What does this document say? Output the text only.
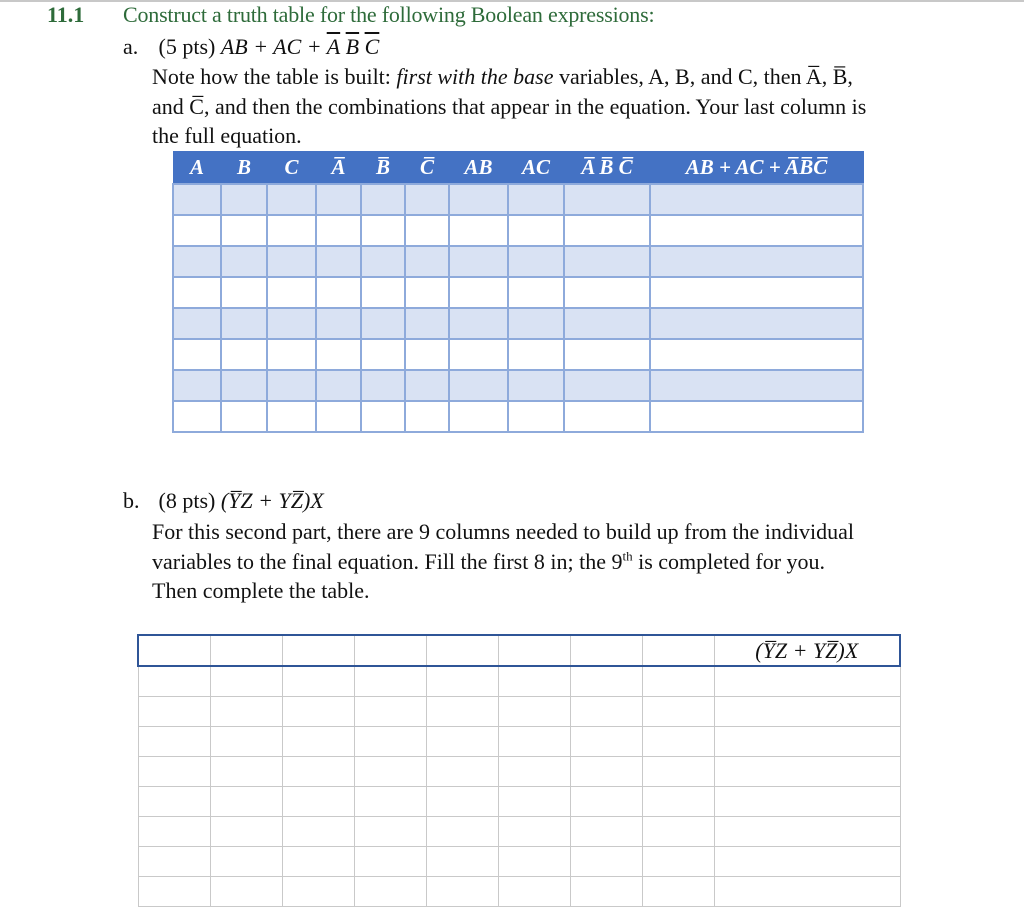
11.1 Construct a truth table for the following Boolean expressions:
a. (5 pts) AB + AC + $\overline{A}$ $\overline{B}$ $\overline{C}$
Note how the table is built: first with the base variables, A, B, and C, then A̅, B̅,
and C̅, and then the combinations that appear in the equation. Your last column is
the full equation.
A	B	C	A̅	B̅	C̅	AB	AC	A̅ B̅ C̅	AB + AC + A̅B̅C̅

b. (8 pts) (Y̅Z + YZ̅)X
For this second part, there are 9 columns needed to build up from the individual
variables to the final equation. Fill the first 8 in; the 9th is completed for you.
Then complete the table.
								(Y̅Z + YZ̅)X
